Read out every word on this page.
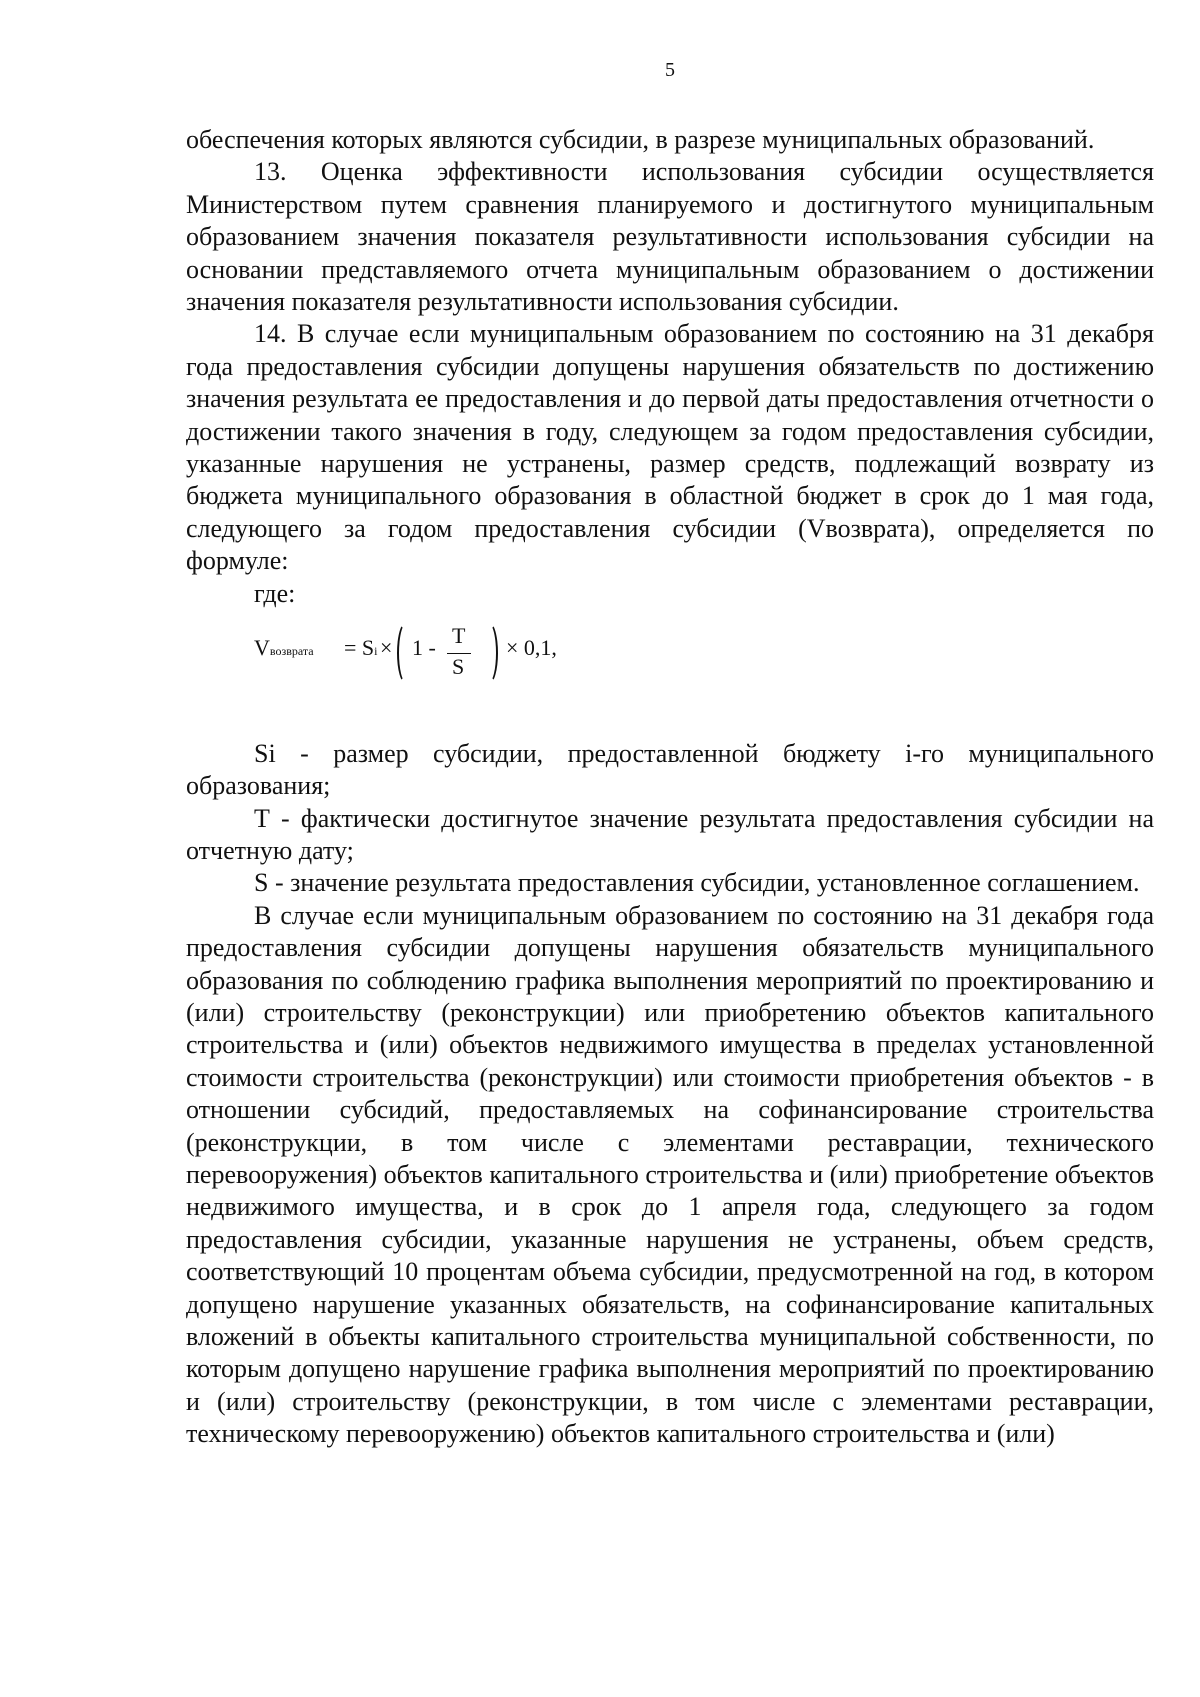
5

обеспечения которых являются субсидии, в разрезе муниципальных образований.

13. Оценка эффективности использования субсидии осуществляется Министерством путем сравнения планируемого и достигнутого муниципальным образованием значения показателя результативности использования субсидии на основании представляемого отчета муниципальным образованием о достижении значения показателя результативности использования субсидии.

14. В случае если муниципальным образованием по состоянию на 31 декабря года предоставления субсидии допущены нарушения обязательств по достижению значения результата ее предоставления и до первой даты предоставления отчетности о достижении такого значения в году, следующем за годом предоставления субсидии, указанные нарушения не устранены, размер средств, подлежащий возврату из бюджета муниципального образования в областной бюджет в срок до 1 мая года, следующего за годом предоставления субсидии (Vвозврата), определяется по формуле:

где:

Vвозврата = Si × 1 - T
S
× 0,1,

Si - размер субсидии, предоставленной бюджету i-го муниципального образования;

Т - фактически достигнутое значение результата предоставления субсидии на отчетную дату;

S - значение результата предоставления субсидии, установленное соглашением.

В случае если муниципальным образованием по состоянию на 31 декабря года предоставления субсидии допущены нарушения обязательств муниципального образования по соблюдению графика выполнения мероприятий по проектированию и (или) строительству (реконструкции) или приобретению объектов капитального строительства и (или) объектов недвижимого имущества в пределах установленной стоимости строительства (реконструкции) или стоимости приобретения объектов - в отношении субсидий, предоставляемых на софинансирование строительства (реконструкции, в том числе с элементами реставрации, технического перевооружения) объектов капитального строительства и (или) приобретение объектов недвижимого имущества, и в срок до 1 апреля года, следующего за годом предоставления субсидии, указанные нарушения не устранены, объем средств, соответствующий 10 процентам объема субсидии, предусмотренной на год, в котором допущено нарушение указанных обязательств, на софинансирование капитальных вложений в объекты капитального строительства муниципальной собственности, по которым допущено нарушение графика выполнения мероприятий по проектированию и (или) строительству (реконструкции, в том числе с элементами реставрации, техническому перевооружению) объектов капитального строительства и (или)
